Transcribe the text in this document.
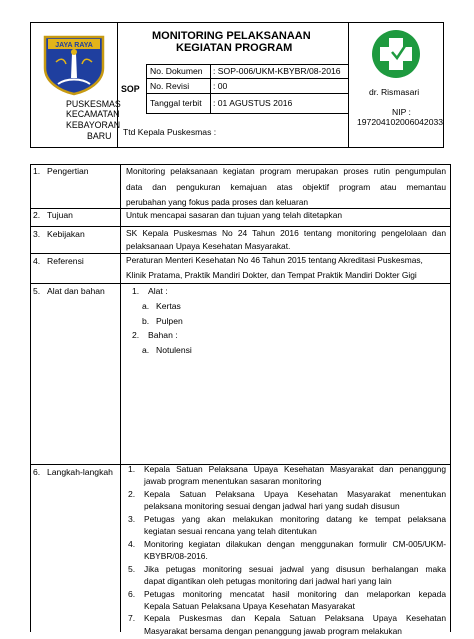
JAYA RAYA
PUSKESMAS
KECAMATAN
KEBAYORAN
BARU
MONITORING PELAKSANAAN
KEGIATAN PROGRAM
SOP
No. Dokumen : SOP-006/UKM-KBYBR/08-2016
No. Revisi	: 00
Tanggal terbit : 01 AGUSTUS 2016
Ttd Kepala Puskesmas :
dr. Rismasari
NIP :
197204102006042033
1. Pengertian	Monitoring pelaksanaan kegiatan program merupakan proses rutin pengumpulan
data dan pengukuran kemajuan atas objektif program atau memantau
perubahan yang fokus pada proses dan keluaran
2. Tujuan	Untuk mencapai sasaran dan tujuan yang telah ditetapkan
3. Kebijakan	SK Kepala Puskesmas No 24 Tahun 2016 tentang monitoring pengelolaan dan
pelaksanaan Upaya Kesehatan Masyarakat.
4. Referensi	Peraturan Menteri Kesehatan No 46 Tahun 2015 tentang Akreditasi Puskesmas,
Klinik Pratama, Praktik Mandiri Dokter, dan Tempat Praktik Mandiri Dokter Gigi
5. Alat dan bahan	1. Alat :
a. Kertas
b. Pulpen
2. Bahan :
a. Notulensi
6. Langkah-langkah 1. Kepala Satuan Pelaksana Upaya Kesehatan Masyarakat dan penanggung
jawab program menentukan sasaran monitoring
2. Kepala Satuan Pelaksana Upaya Kesehatan Masyarakat menentukan
pelaksana monitoring sesuai dengan jadwal hari yang sudah disusun
3. Petugas yang akan melakukan monitoring datang ke tempat pelaksana
kegiatan sesuai rencana yang telah ditentukan
4. Monitoring kegiatan dilakukan dengan menggunakan formulir CM-005/UKM-
KBYBR/08-2016.
5. Jika petugas monitoring sesuai jadwal yang disusun berhalangan maka
dapat digantikan oleh petugas monitoring dari jadwal hari yang lain
6. Petugas monitoring mencatat hasil monitoring dan melaporkan kepada
Kepala Satuan Pelaksana Upaya Kesehatan Masyarakat
7. Kepala Puskesmas dan Kepala Satuan Pelaksana Upaya Kesehatan
Masyarakat bersama dengan penanggung jawab program melakukan
